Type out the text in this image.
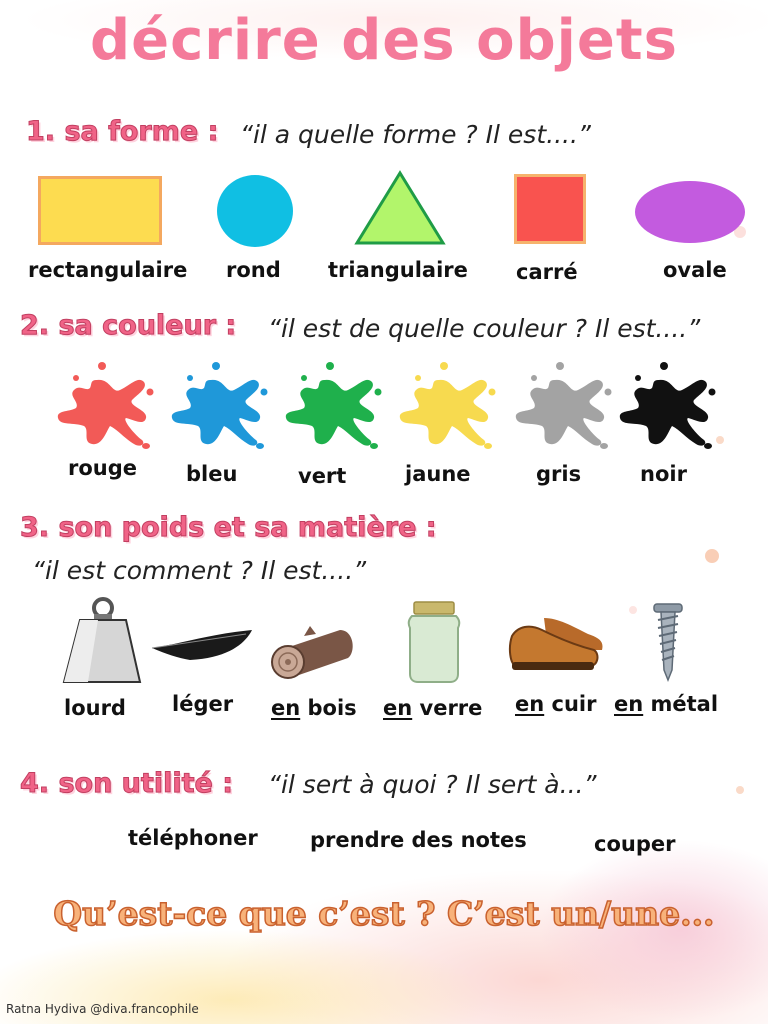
décrire des objets
1. sa forme : “il a quelle forme ? Il est....”
rectangulaire rond triangulaire carré	ovale
2. sa couleur : “il est de quelle couleur ? Il est....”
rouge bleu	vert	jaune	gris	noir
3. son poids et sa matière :
“il est comment ? Il est....”
lourd léger en bois en verre en cuir en métal
4. son utilité : “il sert à quoi ? Il sert à...”
téléphoner prendre des notes	couper
Qu’est-ce que c’est ? C’est un/une...
Ratna Hydiva @diva.francophile
